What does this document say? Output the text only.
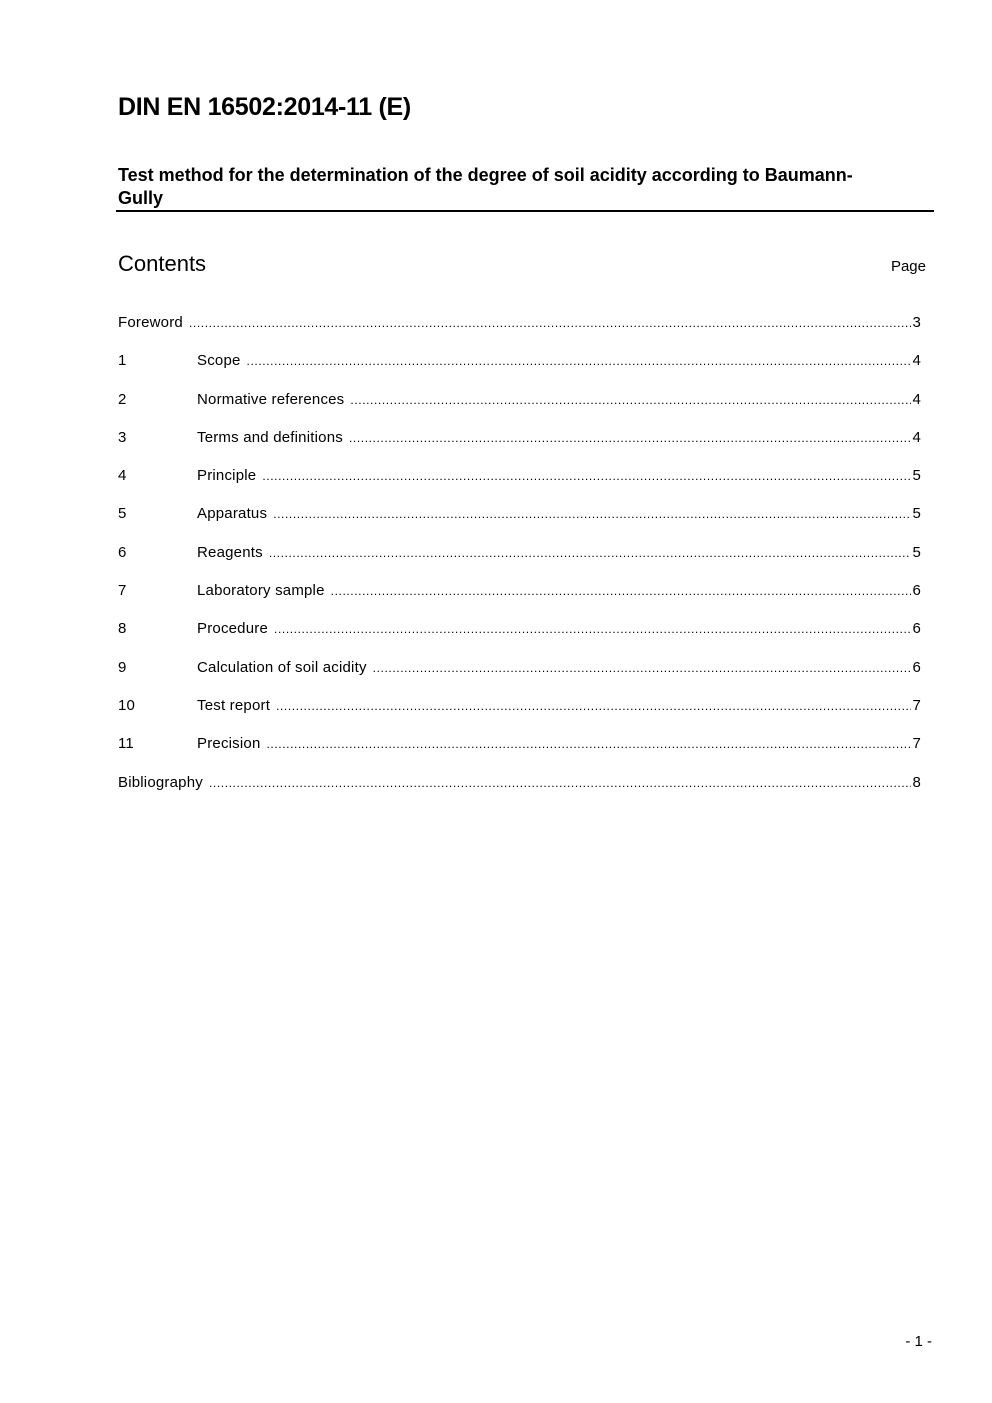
DIN EN 16502:2014-11 (E)
Test method for the determination of the degree of soil acidity according to Baumann-Gully
Contents	Page
Foreword .....	3
1	Scope .....	4
2	Normative references .....	4
3	Terms and definitions .....	4
4	Principle .....	5
5	Apparatus .....	5
6	Reagents .....	5
7	Laboratory sample .....	6
8	Procedure .....	6
9	Calculation of soil acidity .....	6
10	Test report .....	7
11	Precision .....	7
Bibliography .....	8
- 1 -
